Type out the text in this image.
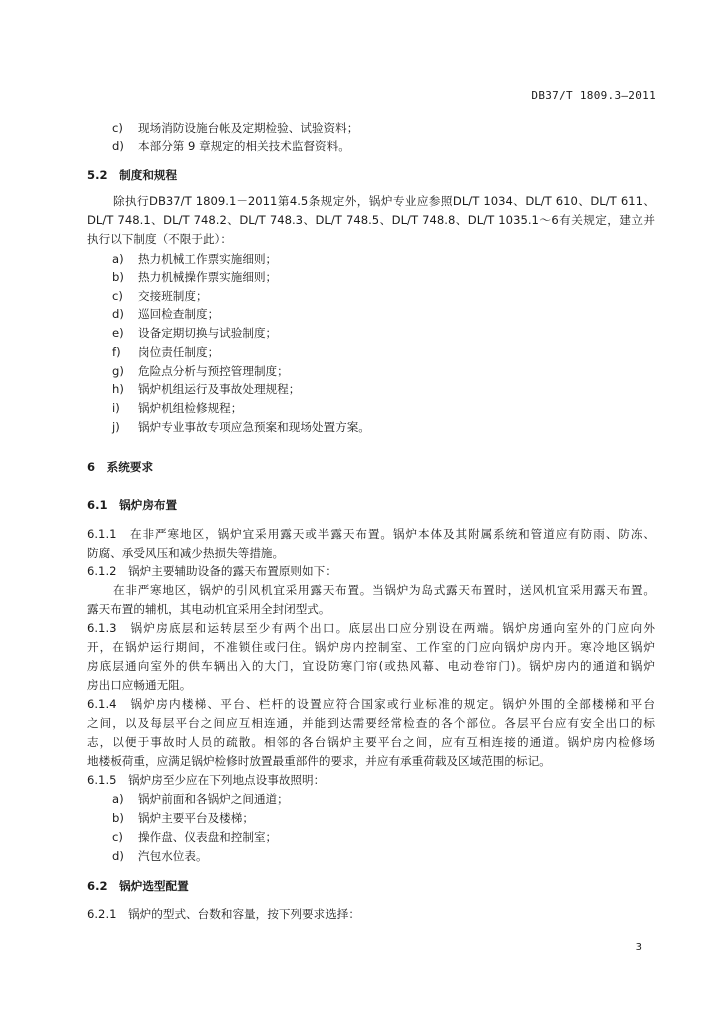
DB37/T 1809.3—2011
c) 现场消防设施台帐及定期检验、试验资料；
d) 本部分第 9 章规定的相关技术监督资料。
5.2　制度和规程
除执行DB37/T 1809.1－2011第4.5条规定外，锅炉专业应参照DL/T 1034、DL/T 610、DL/T 611、
DL/T 748.1、DL/T 748.2、DL/T 748.3、DL/T 748.5、DL/T 748.8、DL/T 1035.1～6有关规定，建立并
执行以下制度（不限于此）：
a) 热力机械工作票实施细则；
b) 热力机械操作票实施细则；
c) 交接班制度；
d) 巡回检查制度；
e) 设备定期切换与试验制度；
f) 岗位责任制度；
g) 危险点分析与预控管理制度；
h) 锅炉机组运行及事故处理规程；
i) 锅炉机组检修规程；
j) 锅炉专业事故专项应急预案和现场处置方案。
6　系统要求
6.1　锅炉房布置
6.1.1　在非严寒地区，锅炉宜采用露天或半露天布置。锅炉本体及其附属系统和管道应有防雨、防冻、
防腐、承受风压和减少热损失等措施。
6.1.2　锅炉主要辅助设备的露天布置原则如下：
在非严寒地区，锅炉的引风机宜采用露天布置。当锅炉为岛式露天布置时，送风机宜采用露天布置。
露天布置的辅机，其电动机宜采用全封闭型式。
6.1.3　锅炉房底层和运转层至少有两个出口。底层出口应分别设在两端。锅炉房通向室外的门应向外
开，在锅炉运行期间，不准锁住或闩住。锅炉房内控制室、工作室的门应向锅炉房内开。寒冷地区锅炉
房底层通向室外的供车辆出入的大门，宜设防寒门帘(或热风幕、电动卷帘门)。锅炉房内的通道和锅炉
房出口应畅通无阻。
6.1.4　锅炉房内楼梯、平台、栏杆的设置应符合国家或行业标准的规定。锅炉外围的全部楼梯和平台
之间，以及每层平台之间应互相连通，并能到达需要经常检查的各个部位。各层平台应有安全出口的标
志，以便于事故时人员的疏散。相邻的各台锅炉主要平台之间，应有互相连接的通道。锅炉房内检修场
地楼板荷重，应满足锅炉检修时放置最重部件的要求，并应有承重荷载及区域范围的标记。
6.1.5　锅炉房至少应在下列地点设事故照明：
a) 锅炉前面和各锅炉之间通道；
b) 锅炉主要平台及楼梯；
c) 操作盘、仪表盘和控制室；
d) 汽包水位表。
6.2　锅炉选型配置
6.2.1　锅炉的型式、台数和容量，按下列要求选择：
3
